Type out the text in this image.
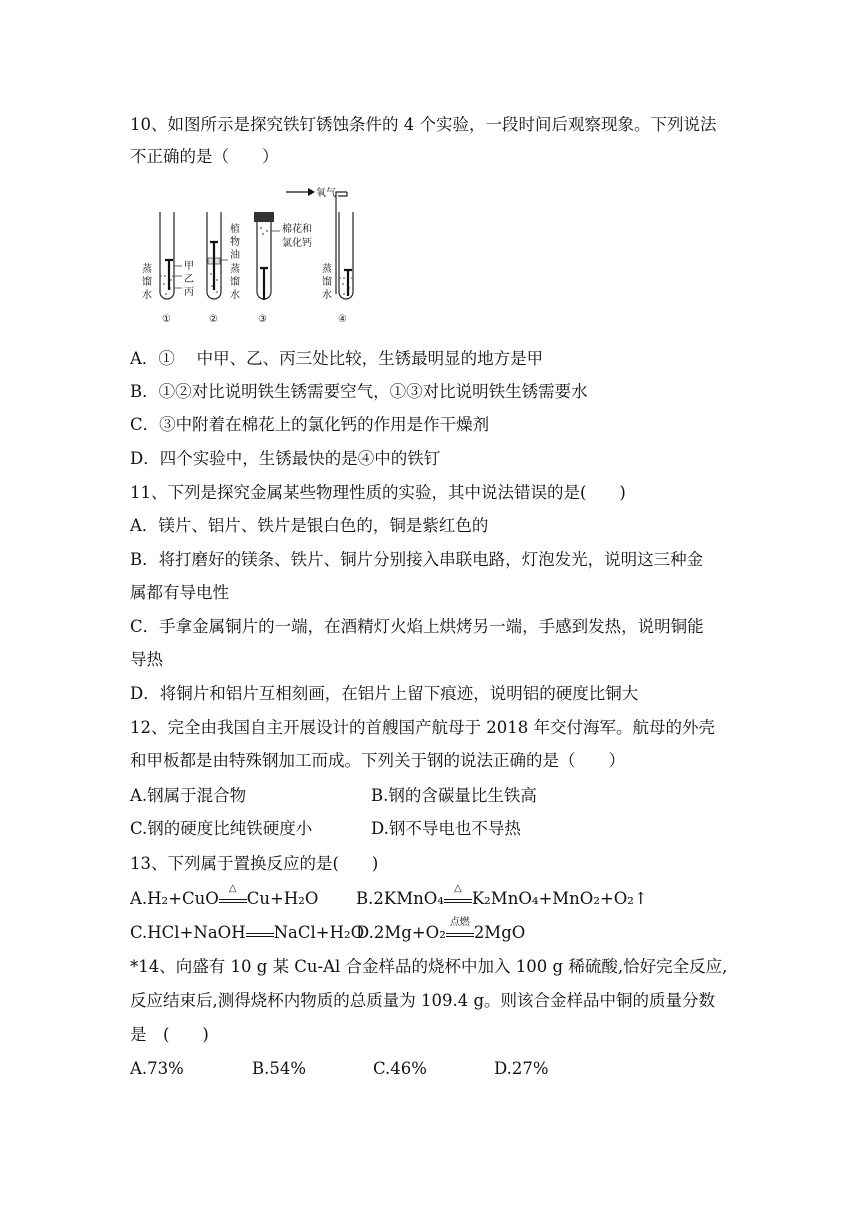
10、如图所示是探究铁钉锈蚀条件的 4 个实验，一段时间后观察现象。下列说法
不正确的是（　　）
氧气
棉花和
氯化钙
植
物
油
蒸
馏
水
蒸
馏
水
蒸
馏
水
甲
乙
丙
①	②	③	④
A．①　 中甲、乙、丙三处比较，生锈最明显的地方是甲
B．①②对比说明铁生锈需要空气，①③对比说明铁生锈需要水
C．③中附着在棉花上的氯化钙的作用是作干燥剂
D．四个实验中，生锈最快的是④中的铁钉
11、下列是探究金属某些物理性质的实验，其中说法错误的是(　　)
A．镁片、铝片、铁片是银白色的，铜是紫红色的
B．将打磨好的镁条、铁片、铜片分别接入串联电路，灯泡发光，说明这三种金
属都有导电性
C．手拿金属铜片的一端，在酒精灯火焰上烘烤另一端，手感到发热，说明铜能
导热
D．将铜片和铝片互相刻画，在铝片上留下痕迹，说明铝的硬度比铜大
12、完全由我国自主开展设计的首艘国产航母于 2018 年交付海军。航母的外壳
和甲板都是由特殊钢加工而成。下列关于钢的说法正确的是（　　）
A.钢属于混合物	B.钢的含碳量比生铁高
C.钢的硬度比纯铁硬度小	D.钢不导电也不导热
13、下列属于置换反应的是(　　)
A.H₂+CuO
△
Cu+H₂O B.2KMnO₄
△
K₂MnO₄+MnO₂+O₂↑
C.HCl+NaOH NaCl+H₂O
D.2Mg+O₂
点燃
2MgO
*14、向盛有 10 g 某 Cu-Al 合金样品的烧杯中加入 100 g 稀硫酸,恰好完全反应,
反应结束后,测得烧杯内物质的总质量为 109.4 g。则该合金样品中铜的质量分数
是　(　　)
A.73%	B.54%	C.46%	D.27%
